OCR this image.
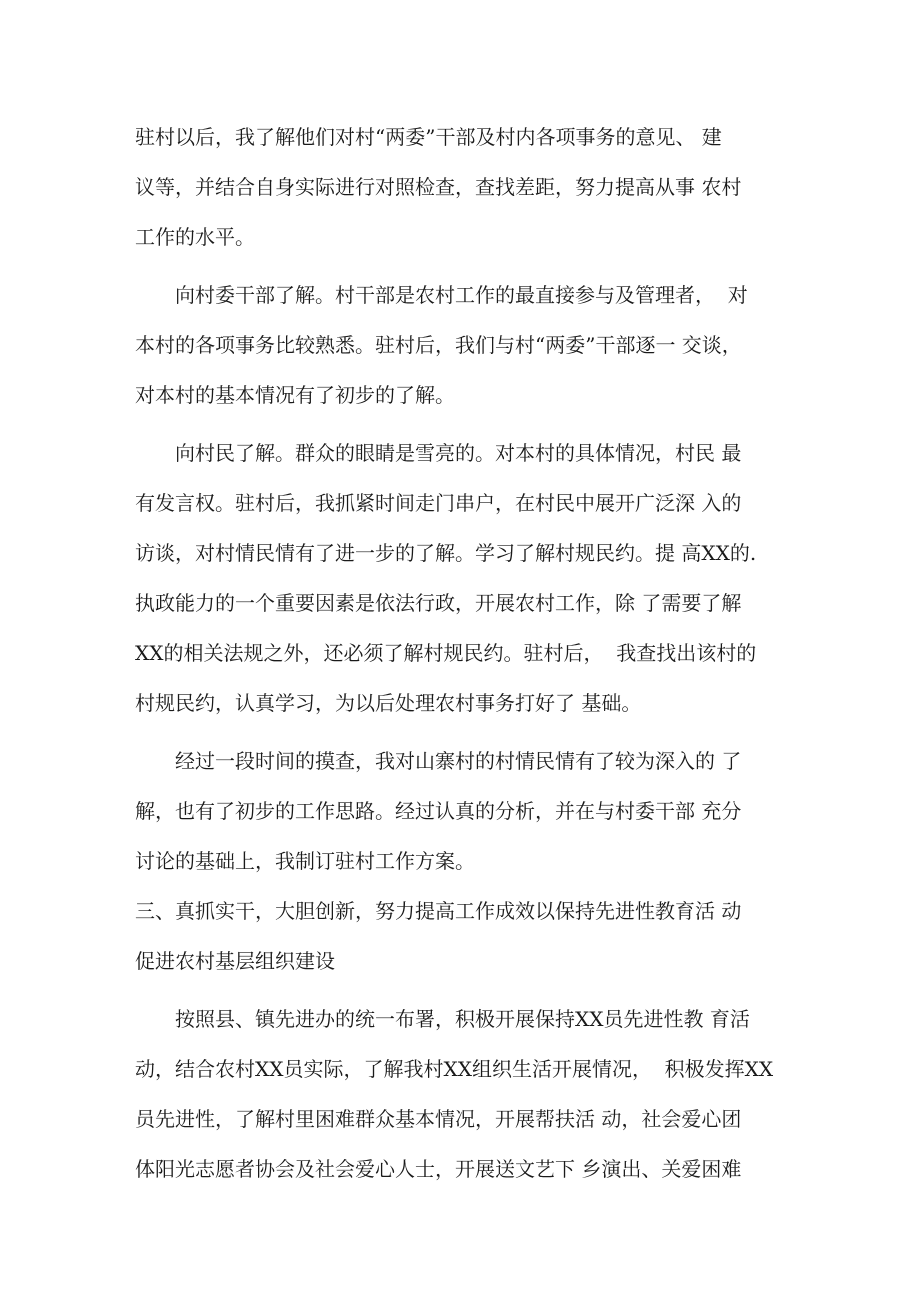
驻村以后，我了解他们对村“两委”干部及村内各项事务的意见、 建
议等，并结合自身实际进行对照检查，查找差距，努力提高从事 农村
工作的水平。
向村委干部了解。村干部是农村工作的最直接参与及管理者，  对
本村的各项事务比较熟悉。驻村后，我们与村“两委”干部逐一 交谈，
对本村的基本情况有了初步的了解。
向村民了解。群众的眼睛是雪亮的。对本村的具体情况，村民 最
有发言权。驻村后，我抓紧时间走门串户，在村民中展开广泛深 入的
访谈，对村情民情有了进一步的了解。学习了解村规民约。提 高XX的.
执政能力的一个重要因素是依法行政，开展农村工作，除 了需要了解
XX的相关法规之外，还必须了解村规民约。驻村后，  我查找出该村的
村规民约，认真学习，为以后处理农村事务打好了 基础。
经过一段时间的摸查，我对山寨村的村情民情有了较为深入的 了
解，也有了初步的工作思路。经过认真的分析，并在与村委干部 充分
讨论的基础上，我制订驻村工作方案。
三、真抓实干，大胆创新，努力提高工作成效以保持先进性教育活 动
促进农村基层组织建设
按照县、镇先进办的统一布署，积极开展保持XX员先进性教 育活
动，结合农村XX员实际，了解我村XX组织生活开展情况，  积极发挥XX
员先进性，了解村里困难群众基本情况，开展帮扶活 动，社会爱心团
体阳光志愿者协会及社会爱心人士，开展送文艺下 乡演出、关爱困难
